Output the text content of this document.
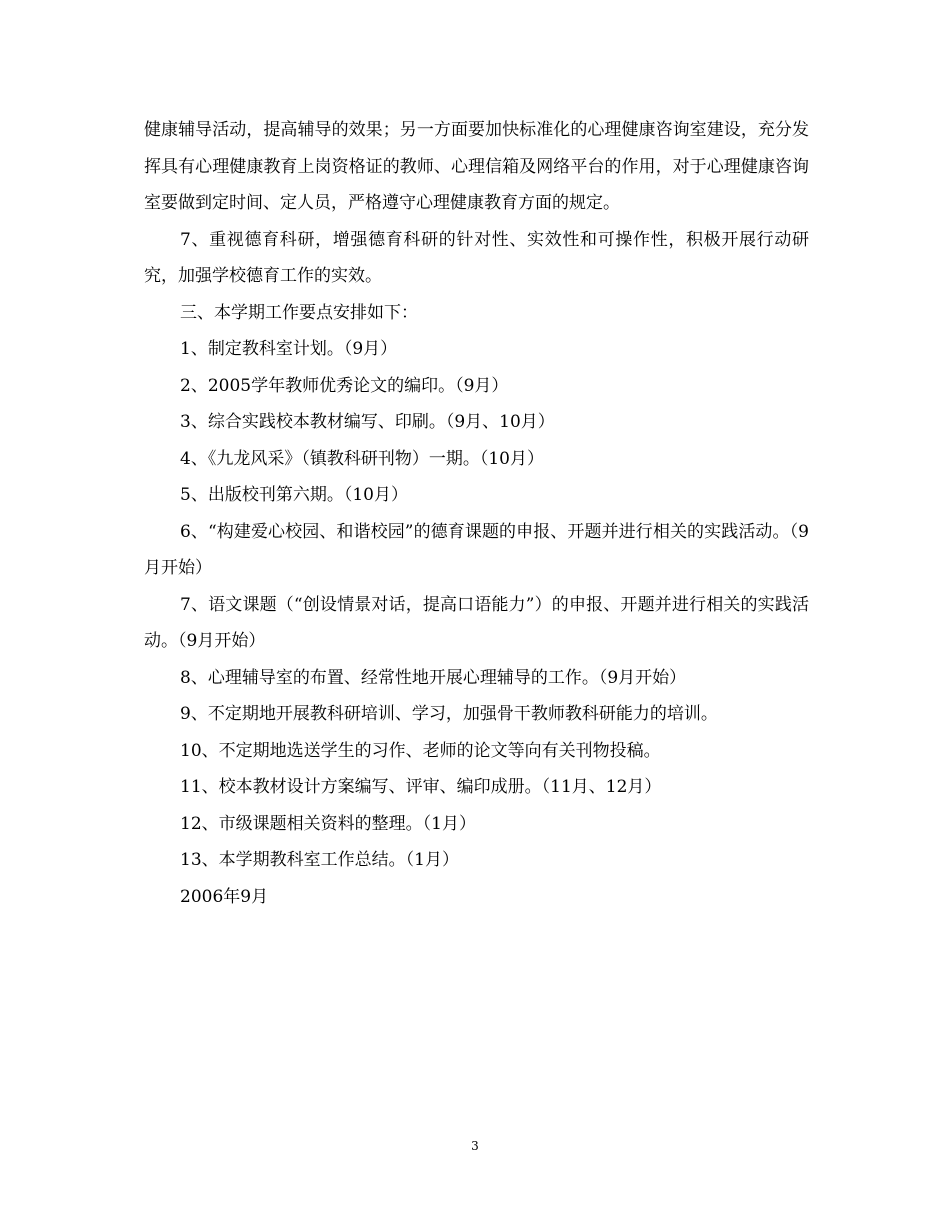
健康辅导活动，提高辅导的效果；另一方面要加快标准化的心理健康咨询室建设，充分发挥具有心理健康教育上岗资格证的教师、心理信箱及网络平台的作用，对于心理健康咨询室要做到定时间、定人员，严格遵守心理健康教育方面的规定。

7、重视德育科研，增强德育科研的针对性、实效性和可操作性，积极开展行动研究，加强学校德育工作的实效。

三、本学期工作要点安排如下：

1、制定教科室计划。（9月）

2、2005学年教师优秀论文的编印。（9月）

3、综合实践校本教材编写、印刷。（9月、10月）

4、《九龙风采》（镇教科研刊物）一期。（10月）

5、出版校刊第六期。（10月）

6、“构建爱心校园、和谐校园”的德育课题的申报、开题并进行相关的实践活动。（9月开始）

7、语文课题（“创设情景对话，提高口语能力”）的申报、开题并进行相关的实践活动。（9月开始）

8、心理辅导室的布置、经常性地开展心理辅导的工作。（9月开始）

9、不定期地开展教科研培训、学习，加强骨干教师教科研能力的培训。

10、不定期地选送学生的习作、老师的论文等向有关刊物投稿。

11、校本教材设计方案编写、评审、编印成册。（11月、12月）

12、市级课题相关资料的整理。（1月）

13、本学期教科室工作总结。（1月）

2006年9月

3
